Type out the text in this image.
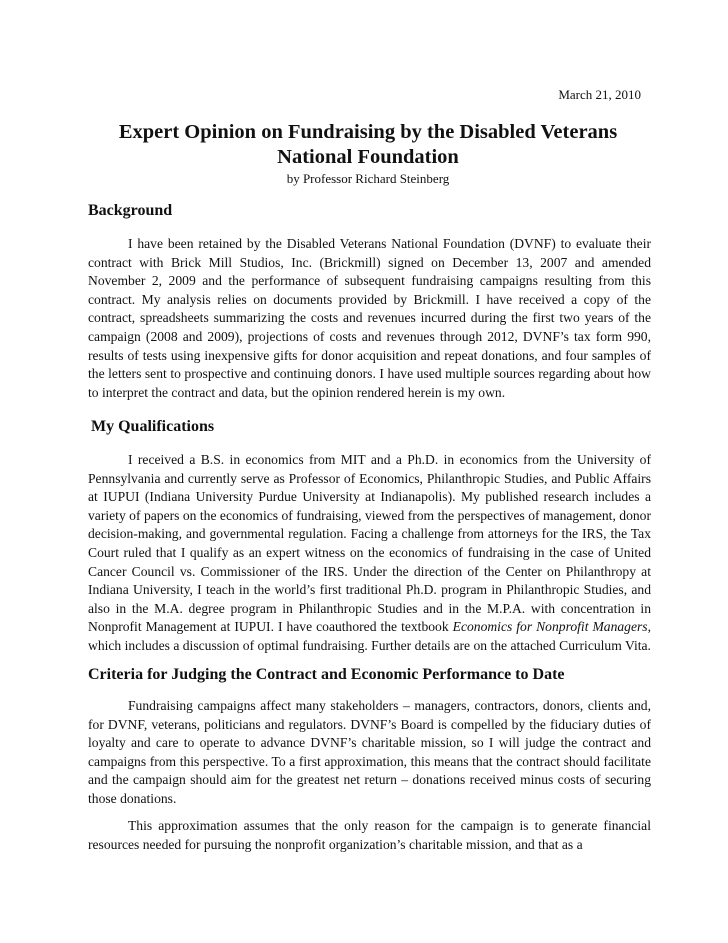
March 21, 2010
Expert Opinion on Fundraising by the Disabled Veterans National Foundation
by Professor Richard Steinberg
Background

I have been retained by the Disabled Veterans National Foundation (DVNF) to evaluate their contract with Brick Mill Studios, Inc. (Brickmill) signed on December 13, 2007 and amended November 2, 2009 and the performance of subsequent fundraising campaigns resulting from this contract. My analysis relies on documents provided by Brickmill. I have received a copy of the contract, spreadsheets summarizing the costs and revenues incurred during the first two years of the campaign (2008 and 2009), projections of costs and revenues through 2012, DVNF’s tax form 990, results of tests using inexpensive gifts for donor acquisition and repeat donations, and four samples of the letters sent to prospective and continuing donors. I have used multiple sources regarding about how to interpret the contract and data, but the opinion rendered herein is my own.

My Qualifications

I received a B.S. in economics from MIT and a Ph.D. in economics from the University of Pennsylvania and currently serve as Professor of Economics, Philanthropic Studies, and Public Affairs at IUPUI (Indiana University Purdue University at Indianapolis). My published research includes a variety of papers on the economics of fundraising, viewed from the perspectives of management, donor decision-making, and governmental regulation. Facing a challenge from attorneys for the IRS, the Tax Court ruled that I qualify as an expert witness on the economics of fundraising in the case of United Cancer Council vs. Commissioner of the IRS. Under the direction of the Center on Philanthropy at Indiana University, I teach in the world’s first traditional Ph.D. program in Philanthropic Studies, and also in the M.A. degree program in Philanthropic Studies and in the M.P.A. with concentration in Nonprofit Management at IUPUI. I have coauthored the textbook Economics for Nonprofit Managers, which includes a discussion of optimal fundraising. Further details are on the attached Curriculum Vita.

Criteria for Judging the Contract and Economic Performance to Date

Fundraising campaigns affect many stakeholders – managers, contractors, donors, clients and, for DVNF, veterans, politicians and regulators. DVNF’s Board is compelled by the fiduciary duties of loyalty and care to operate to advance DVNF’s charitable mission, so I will judge the contract and campaigns from this perspective. To a first approximation, this means that the contract should facilitate and the campaign should aim for the greatest net return – donations received minus costs of securing those donations.

This approximation assumes that the only reason for the campaign is to generate financial resources needed for pursuing the nonprofit organization’s charitable mission, and that as a
